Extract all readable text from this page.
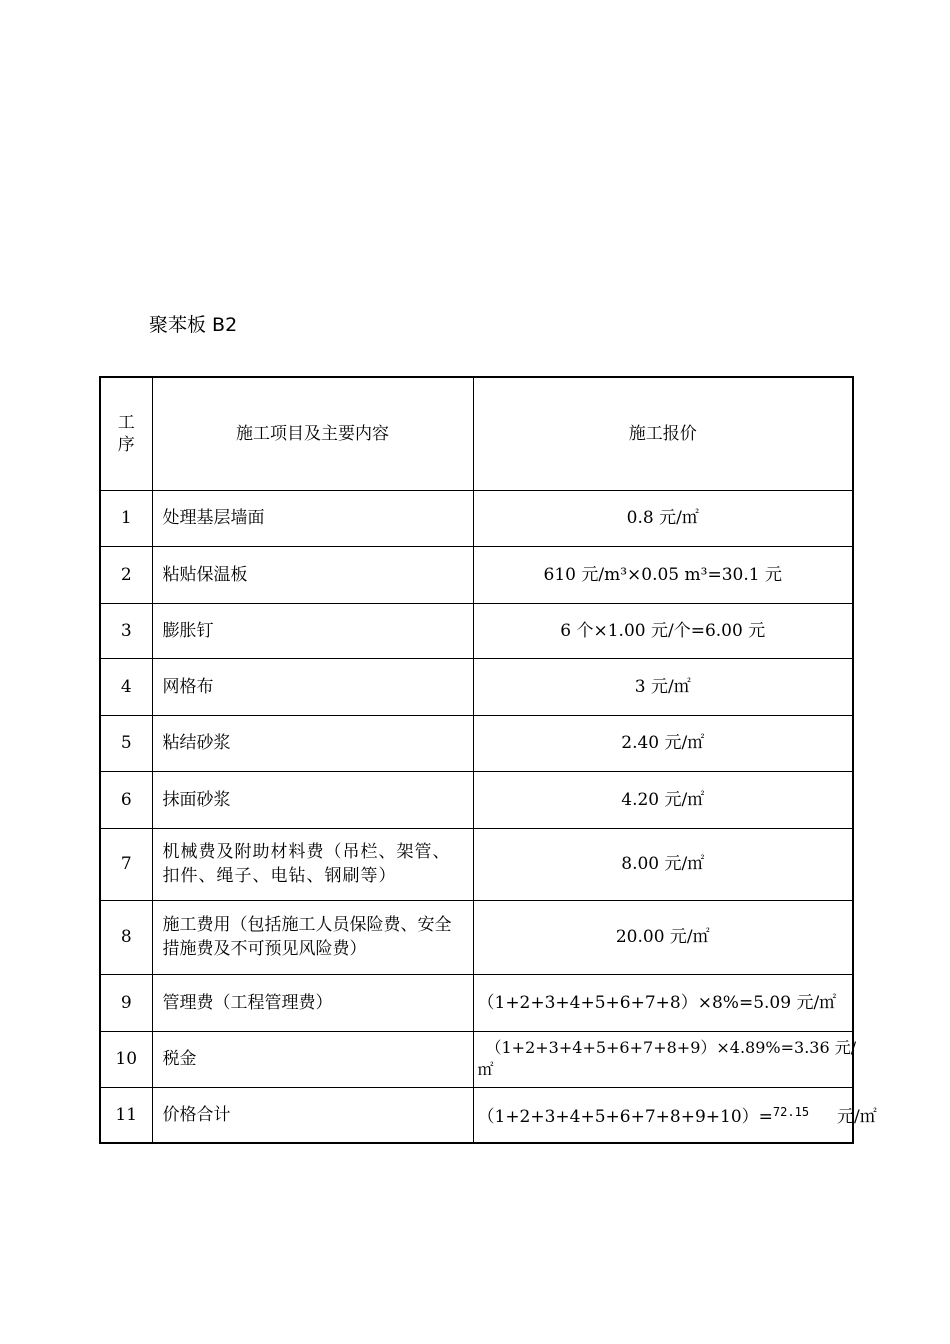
聚苯板 B2
工
序	施工项目及主要内容	施工报价
1	处理基层墙面	0.8 元/㎡
2	粘贴保温板	610 元/m³×0.05 m³=30.1 元
3	膨胀钉	6 个×1.00 元/个=6.00 元
4	网格布	3 元/㎡
5	粘结砂浆	2.40 元/㎡
6	抹面砂浆	4.20 元/㎡
7	机械费及附助材料费（吊栏、架管、扣件、绳子、电钻、钢刷等）	8.00 元/㎡
8	施工费用（包括施工人员保险费、安全措施费及不可预见风险费）	20.00 元/㎡
9	管理费（工程管理费）	（1+2+3+4+5+6+7+8）×8%=5.09 元/㎡
10	税金	（1+2+3+4+5+6+7+8+9）×4.89%=3.36 元/
㎡

11	价格合计	（1+2+3+4+5+6+7+8+9+10）=$^{72.15}$ 元/㎡
